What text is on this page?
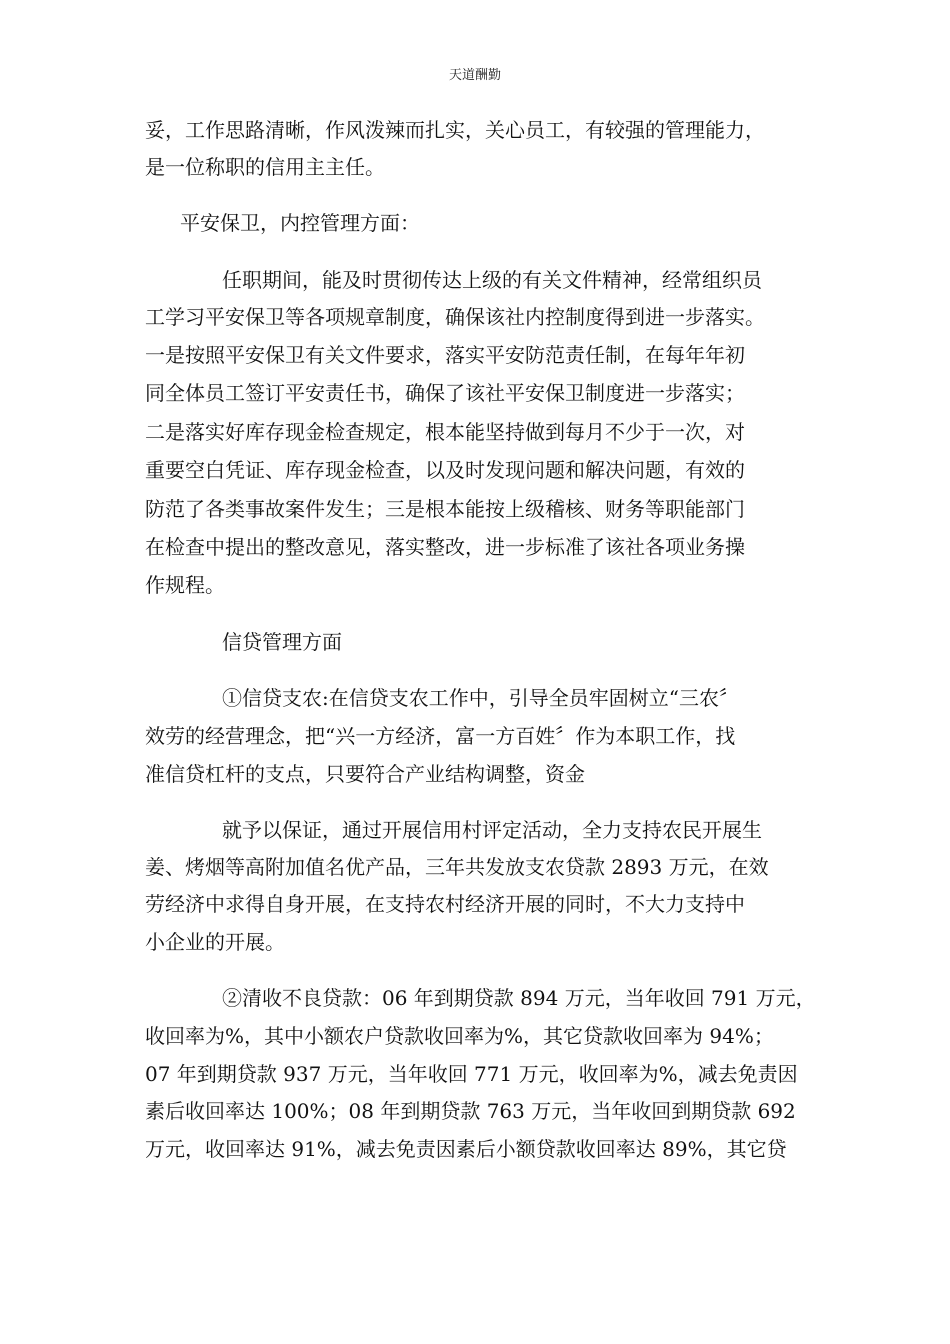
天道酬勤
妥，工作思路清晰，作风泼辣而扎实，关心员工，有较强的管理能力，
是一位称职的信用主主任。
平安保卫，内控管理方面：
任职期间，能及时贯彻传达上级的有关文件精神，经常组织员
工学习平安保卫等各项规章制度，确保该社内控制度得到进一步落实。
一是按照平安保卫有关文件要求，落实平安防范责任制，在每年年初
同全体员工签订平安责任书，确保了该社平安保卫制度进一步落实；
二是落实好库存现金检查规定，根本能坚持做到每月不少于一次，对
重要空白凭证、库存现金检查，以及时发现问题和解决问题，有效的
防范了各类事故案件发生；三是根本能按上级稽核、财务等职能部门
在检查中提出的整改意见，落实整改，进一步标准了该社各项业务操
作规程。
信贷管理方面
①信贷支农:在信贷支农工作中，引导全员牢固树立“三农〞
效劳的经营理念，把“兴一方经济，富一方百姓〞作为本职工作，找
准信贷杠杆的支点，只要符合产业结构调整，资金
就予以保证，通过开展信用村评定活动，全力支持农民开展生
姜、烤烟等高附加值名优产品，三年共发放支农贷款 2893 万元，在效
劳经济中求得自身开展，在支持农村经济开展的同时，不大力支持中
小企业的开展。
②清收不良贷款：06 年到期贷款 894 万元，当年收回 791 万元，
收回率为%，其中小额农户贷款收回率为%，其它贷款收回率为 94%；
07 年到期贷款 937 万元，当年收回 771 万元，收回率为%，减去免责因
素后收回率达 100%；08 年到期贷款 763 万元，当年收回到期贷款 692
万元，收回率达 91%，减去免责因素后小额贷款收回率达 89%，其它贷
